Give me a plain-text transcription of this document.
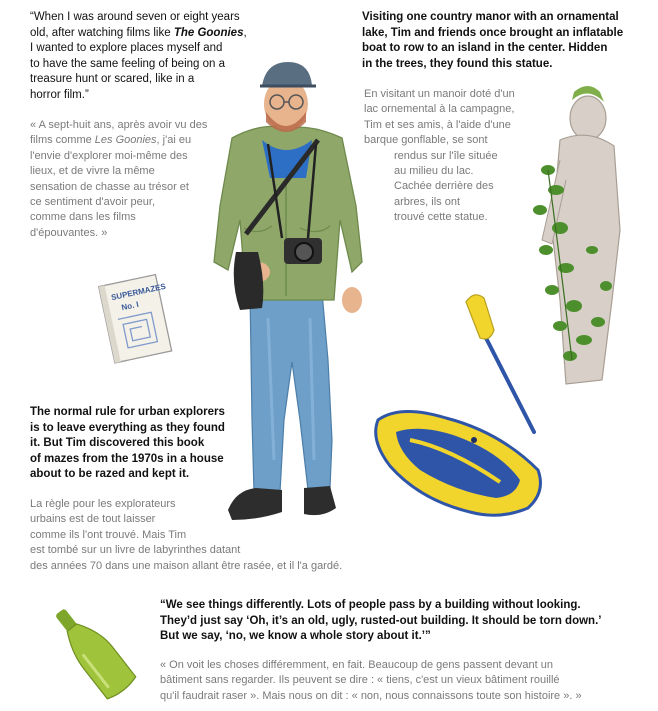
“When I was around seven or eight years
old, after watching films like The Goonies,
I wanted to explore places myself and
to have the same feeling of being on a
treasure hunt or scared, like in a
horror film.”
« A sept-huit ans, après avoir vu des
films comme Les Goonies, j'ai eu
l'envie d'explorer moi-même des
lieux, et de vivre la même
sensation de chasse au trésor et
ce sentiment d'avoir peur,
comme dans les films
d'épouvantes. »
Visiting one country manor with an ornamental
lake, Tim and friends once brought an inflatable
boat to row to an island in the center. Hidden
in the trees, they found this statue.
En visitant un manoir doté d'un
lac ornemental à la campagne,
Tim et ses amis, à l'aide d'une
barque gonflable, se sont
rendus sur l'île située
au milieu du lac.
Cachée derrière des
arbres, ils ont
trouvé cette statue.
The normal rule for urban explorers
is to leave everything as they found
it. But Tim discovered this book
of mazes from the 1970s in a house
about to be razed and kept it.
La règle pour les explorateurs
urbains est de tout laisser
comme ils l'ont trouvé. Mais Tim
est tombé sur un livre de labyrinthes datant
des années 70 dans une maison allant être rasée, et il l'a gardé.
“We see things differently. Lots of people pass by a building without looking.
They’d just say ‘Oh, it’s an old, ugly, rusted-out building. It should be torn down.’
But we say, ‘no, we know a whole story about it.’”
« On voit les choses différemment, en fait. Beaucoup de gens passent devant un
bâtiment sans regarder. Ils peuvent se dire : « tiens, c'est un vieux bâtiment rouillé
qu'il faudrait raser ». Mais nous on dit : « non, nous connaissons toute son histoire ». »
SUPERMAZES
No. I
